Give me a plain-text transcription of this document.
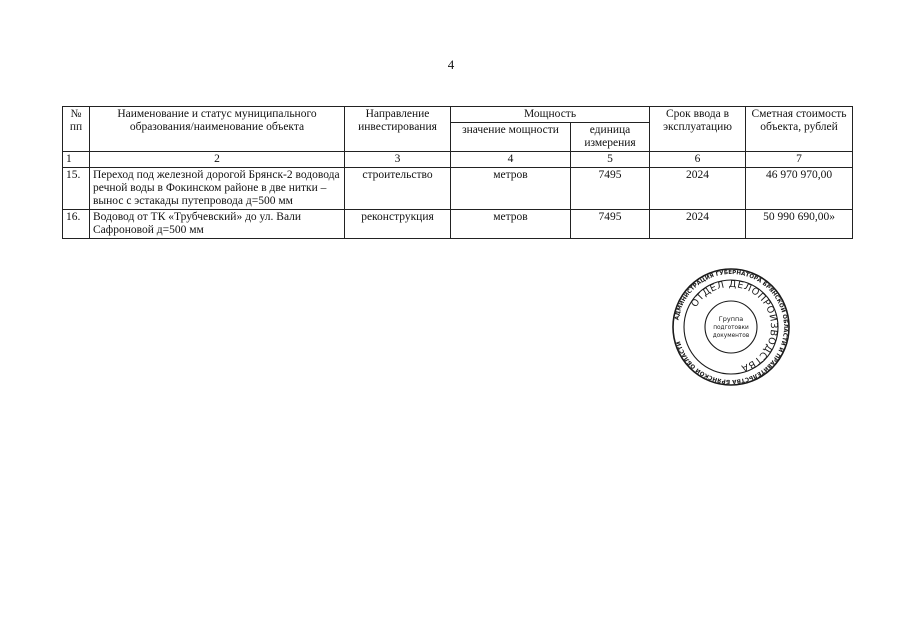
4
№
пп	Наименование и статус муниципального образования/наименование объекта	Направление инвестирования	Мощность		Срок ввода в эксплуатацию	Сметная стоимость объекта, рублей
			значение мощности	единица измерения		
1	2	3	4	5	6	7
15.	Переход под железной дорогой Брянск-2 водовода речной воды в Фокинском районе в две нитки – вынос с эстакады путепровода д=500 мм	строительство	метров	7495	2024	46 970 970,00
16.	Водовод от ТК «Трубчевский» до ул. Вали Сафроновой д=500 мм	реконструкция	метров	7495	2024	50 990 690,00»
АДМИНИСТРАЦИЯ ГУБЕРНАТОРА БРЯНСКОЙ ОБЛАСТИ И ПРАВИТЕЛЬСТВА БРЯНСКОЙ ОБЛАСТИ
ОТДЕЛ ДЕЛОПРОИЗВОДСТВА
Группа
подготовки
документов
